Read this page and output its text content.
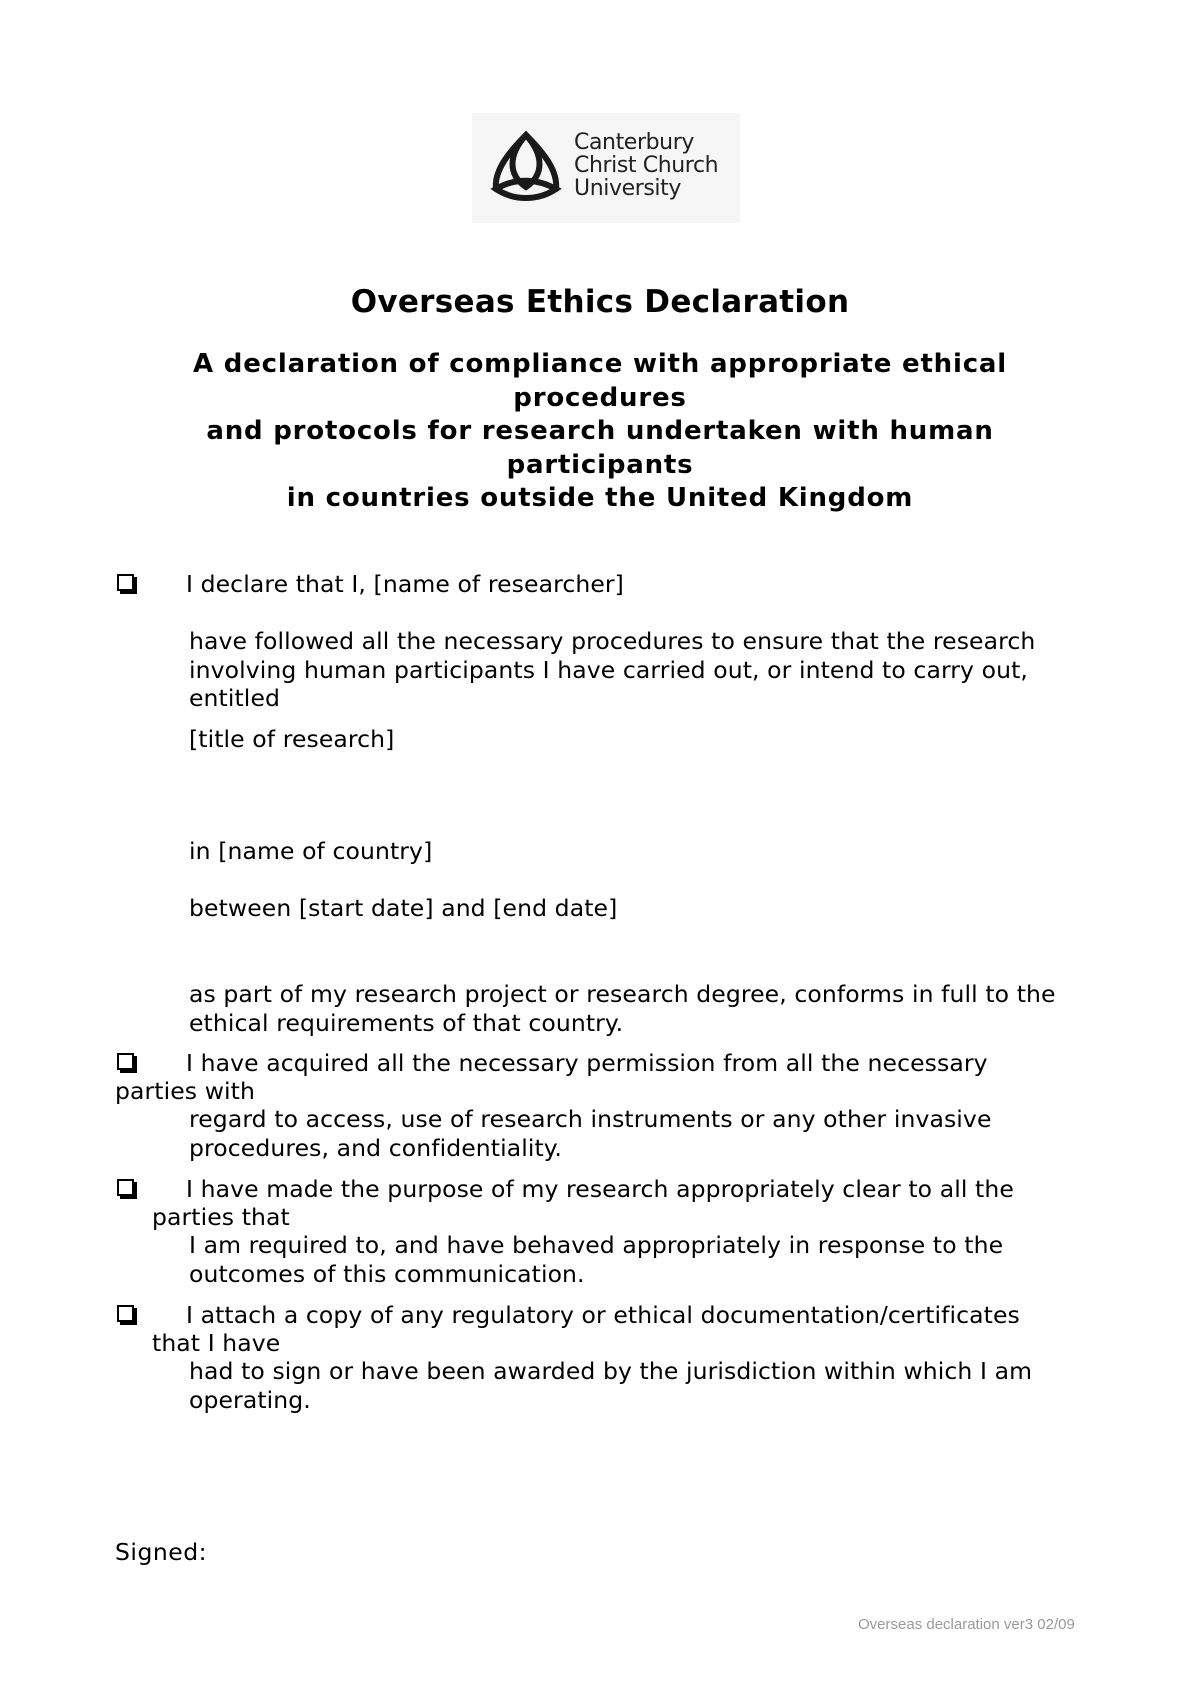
Canterbury
Christ Church
University
Overseas Ethics Declaration
A declaration of compliance with appropriate ethical
procedures
and protocols for research undertaken with human
participants
in countries outside the United Kingdom
I declare that I, [name of researcher]
have followed all the necessary procedures to ensure that the research
involving human participants I have carried out, or intend to carry out,
entitled
[title of research]
in [name of country]
between [start date] and [end date]
as part of my research project or research degree, conforms in full to the
ethical requirements of that country.
I have acquired all the necessary permission from all the necessary
parties with
regard to access, use of research instruments or any other invasive
procedures, and confidentiality.
I have made the purpose of my research appropriately clear to all the
parties that
I am required to, and have behaved appropriately in response to the
outcomes of this communication.
I attach a copy of any regulatory or ethical documentation/certificates
that I have
had to sign or have been awarded by the jurisdiction within which I am
operating.
Signed:
Overseas declaration ver3 02/09
